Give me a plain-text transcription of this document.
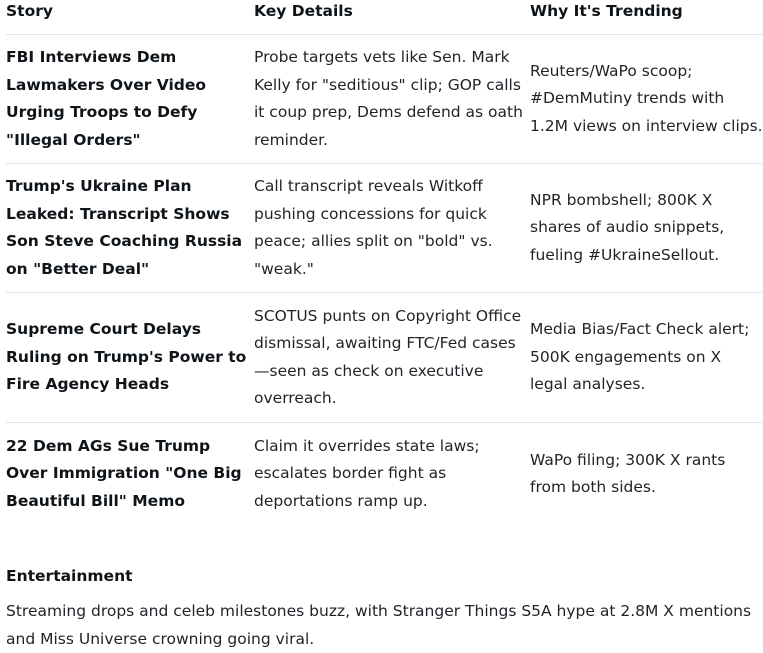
Story	Key Details	Why It's Trending
FBI Interviews Dem Lawmakers Over Video Urging Troops to Defy "Illegal Orders"
Probe targets vets like Sen. Mark Kelly for "seditious" clip; GOP calls it coup prep, Dems defend as oath reminder.
Reuters/WaPo scoop; #DemMutiny trends with 1.2M views on interview clips.
Trump's Ukraine Plan Leaked: Transcript Shows Son Steve Coaching Russia on "Better Deal"
Call transcript reveals Witkoff pushing concessions for quick peace; allies split on "bold" vs. "weak."
NPR bombshell; 800K X shares of audio snippets, fueling #UkraineSellout.
Supreme Court Delays Ruling on Trump's Power to Fire Agency Heads
SCOTUS punts on Copyright Office dismissal, awaiting FTC/Fed cases—seen as check on executive overreach.
Media Bias/Fact Check alert; 500K engagements on X legal analyses.
22 Dem AGs Sue Trump Over Immigration "One Big Beautiful Bill" Memo
Claim it overrides state laws; escalates border fight as deportations ramp up.
WaPo filing; 300K X rants from both sides.
Entertainment
Streaming drops and celeb milestones buzz, with Stranger Things S5A hype at 2.8M X mentions and Miss Universe crowning going viral.
